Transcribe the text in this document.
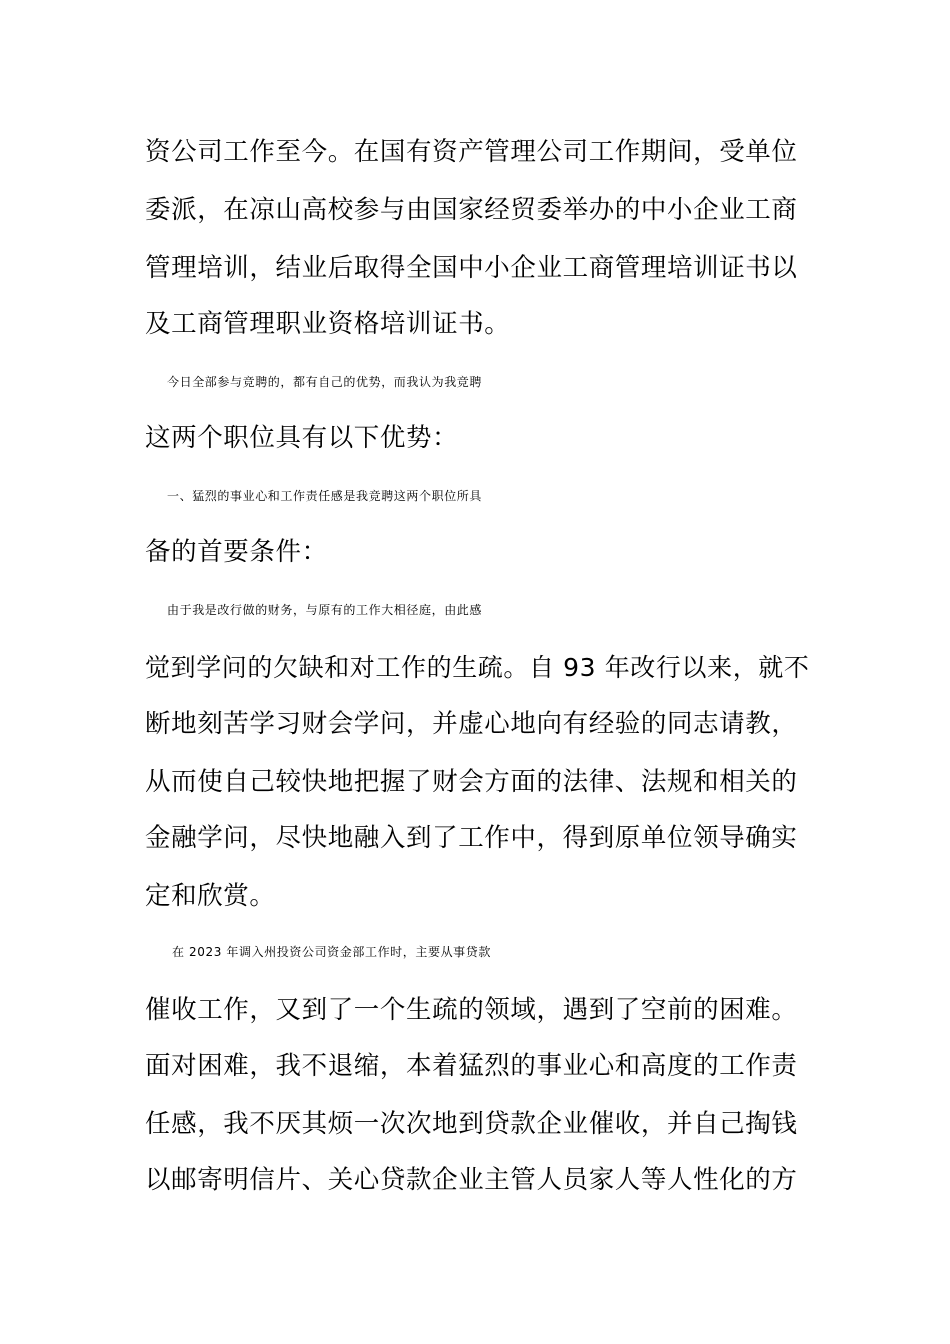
资公司工作至今。在国有资产管理公司工作期间，受单位
委派，在凉山高校参与由国家经贸委举办的中小企业工商
管理培训，结业后取得全国中小企业工商管理培训证书以
及工商管理职业资格培训证书。
今日全部参与竞聘的，都有自己的优势，而我认为我竞聘
这两个职位具有以下优势：
一、猛烈的事业心和工作责任感是我竞聘这两个职位所具
备的首要条件：
由于我是改行做的财务，与原有的工作大相径庭，由此感
觉到学问的欠缺和对工作的生疏。自 93 年改行以来，就不
断地刻苦学习财会学问，并虚心地向有经验的同志请教，
从而使自己较快地把握了财会方面的法律、法规和相关的
金融学问，尽快地融入到了工作中，得到原单位领导确实
定和欣赏。
在 2023 年调入州投资公司资金部工作时，主要从事贷款
催收工作，又到了一个生疏的领域，遇到了空前的困难。
面对困难，我不退缩，本着猛烈的事业心和高度的工作责
任感，我不厌其烦一次次地到贷款企业催收，并自己掏钱
以邮寄明信片、关心贷款企业主管人员家人等人性化的方
